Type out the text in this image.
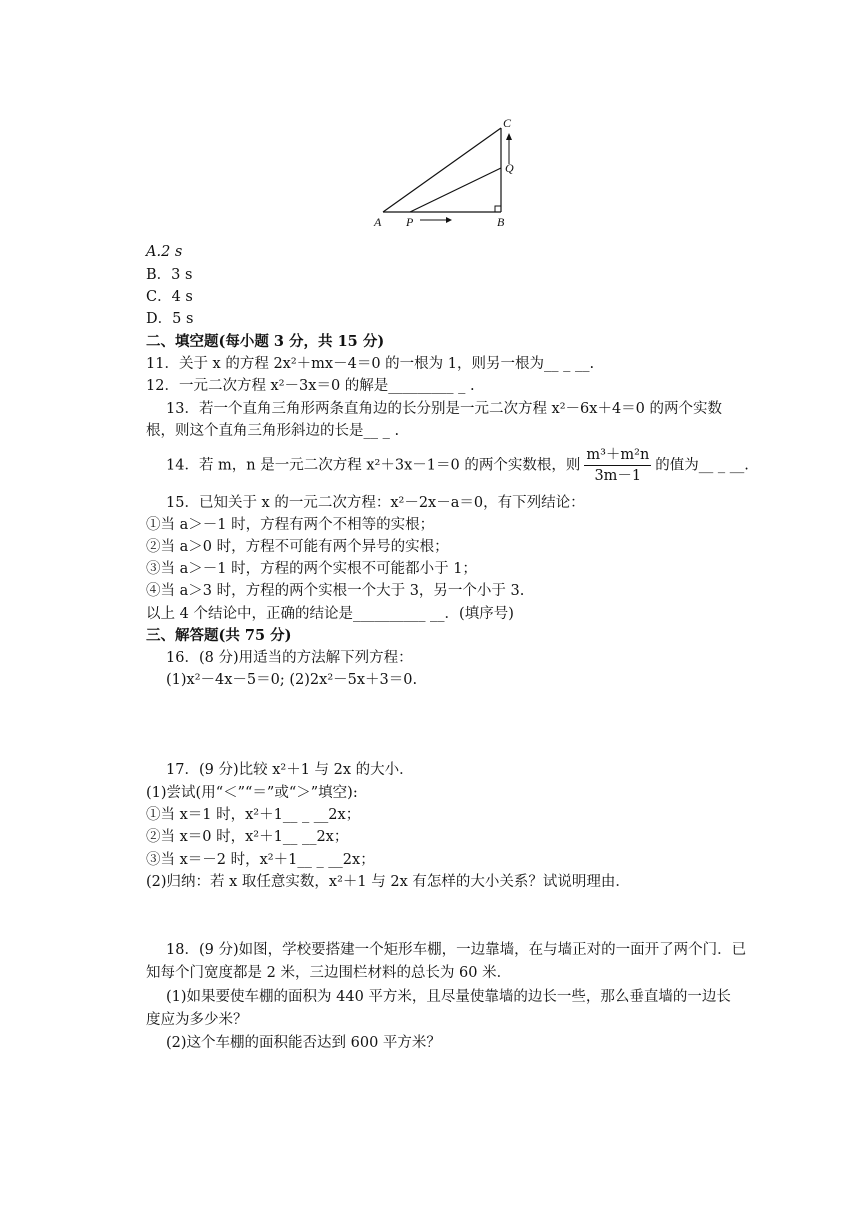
A P	B
Q
C
A.2 s
B．3 s
C．4 s
D．5 s
二、填空题(每小题 3 分，共 15 分)
11．关于 x 的方程 2x²＋mx－4＝0 的一根为 1，则另一根为__ _ __.
12．一元二次方程 x²－3x＝0 的解是_________ _ .
13．若一个直角三角形两条直角边的长分别是一元二次方程 x²－6x＋4＝0 的两个实数
根，则这个直角三角形斜边的长是__ _ .
14．若 m，n 是一元二次方程 x²＋3x－1＝0 的两个实数根，则 $\frac{\text{m³＋m²n}}{3m-1}$ 的值为__ _ __.
15．已知关于 x 的一元二次方程：x²－2x－a＝0，有下列结论：
①当 a＞－1 时，方程有两个不相等的实根；
②当 a＞0 时，方程不可能有两个异号的实根；
③当 a＞－1 时，方程的两个实根不可能都小于 1；
④当 a＞3 时，方程的两个实根一个大于 3，另一个小于 3.
以上 4 个结论中，正确的结论是__________ __．(填序号)
三、解答题(共 75 分)
16．(8 分)用适当的方法解下列方程：
(1)x²－4x－5＝0; (2)2x²－5x＋3＝0.
17．(9 分)比较 x²＋1 与 2x 的大小．
(1)尝试(用“＜”“＝”或“＞”填空):
①当 x＝1 时，x²＋1__ _ __2x；
②当 x＝0 时，x²＋1__ __2x；
③当 x＝－2 时，x²＋1__ _ __2x；
(2)归纳：若 x 取任意实数，x²＋1 与 2x 有怎样的大小关系？试说明理由．
18．(9 分)如图，学校要搭建一个矩形车棚，一边靠墙，在与墙正对的一面开了两个门．已
知每个门宽度都是 2 米，三边围栏材料的总长为 60 米．
(1)如果要使车棚的面积为 440 平方米，且尽量使靠墙的边长一些，那么垂直墙的一边长
度应为多少米？
(2)这个车棚的面积能否达到 600 平方米？
